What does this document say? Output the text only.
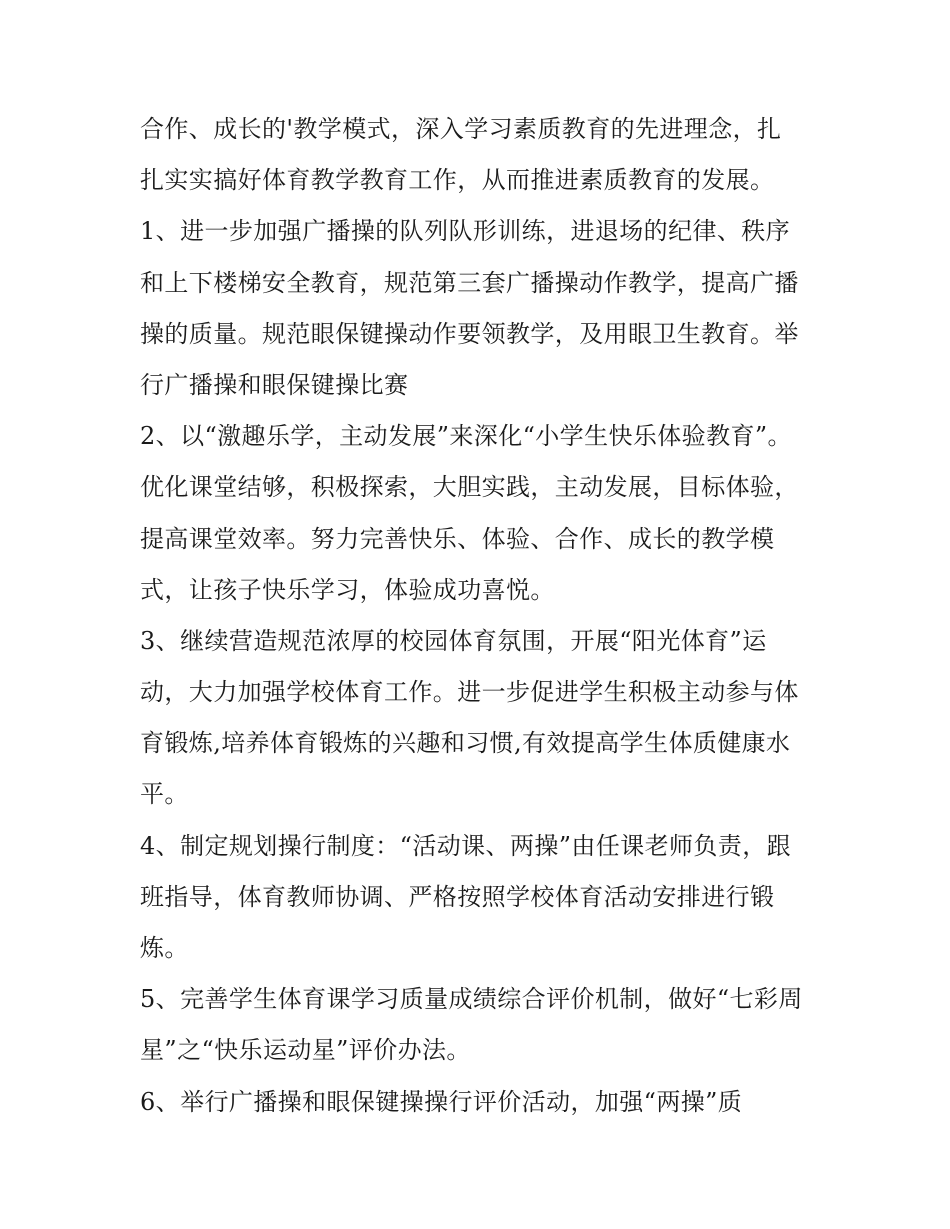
合作、成长的'教学模式，深入学习素质教育的先进理念，扎
扎实实搞好体育教学教育工作，从而推进素质教育的发展。
1、进一步加强广播操的队列队形训练，进退场的纪律、秩序
和上下楼梯安全教育，规范第三套广播操动作教学，提高广播
操的质量。规范眼保键操动作要领教学，及用眼卫生教育。举
行广播操和眼保键操比赛
2、以“激趣乐学，主动发展”来深化“小学生快乐体验教育”。
优化课堂结够，积极探索，大胆实践，主动发展，目标体验，
提高课堂效率。努力完善快乐、体验、合作、成长的教学模
式，让孩子快乐学习，体验成功喜悦。
3、继续营造规范浓厚的校园体育氛围，开展“阳光体育”运
动，大力加强学校体育工作。进一步促进学生积极主动参与体
育锻炼,培养体育锻炼的兴趣和习惯,有效提高学生体质健康水
平。
4、制定规划操行制度：“活动课、两操”由任课老师负责，跟
班指导，体育教师协调、严格按照学校体育活动安排进行锻
炼。
5、完善学生体育课学习质量成绩综合评价机制，做好“七彩周
星”之“快乐运动星”评价办法。
6、举行广播操和眼保键操操行评价活动，加强“两操”质
